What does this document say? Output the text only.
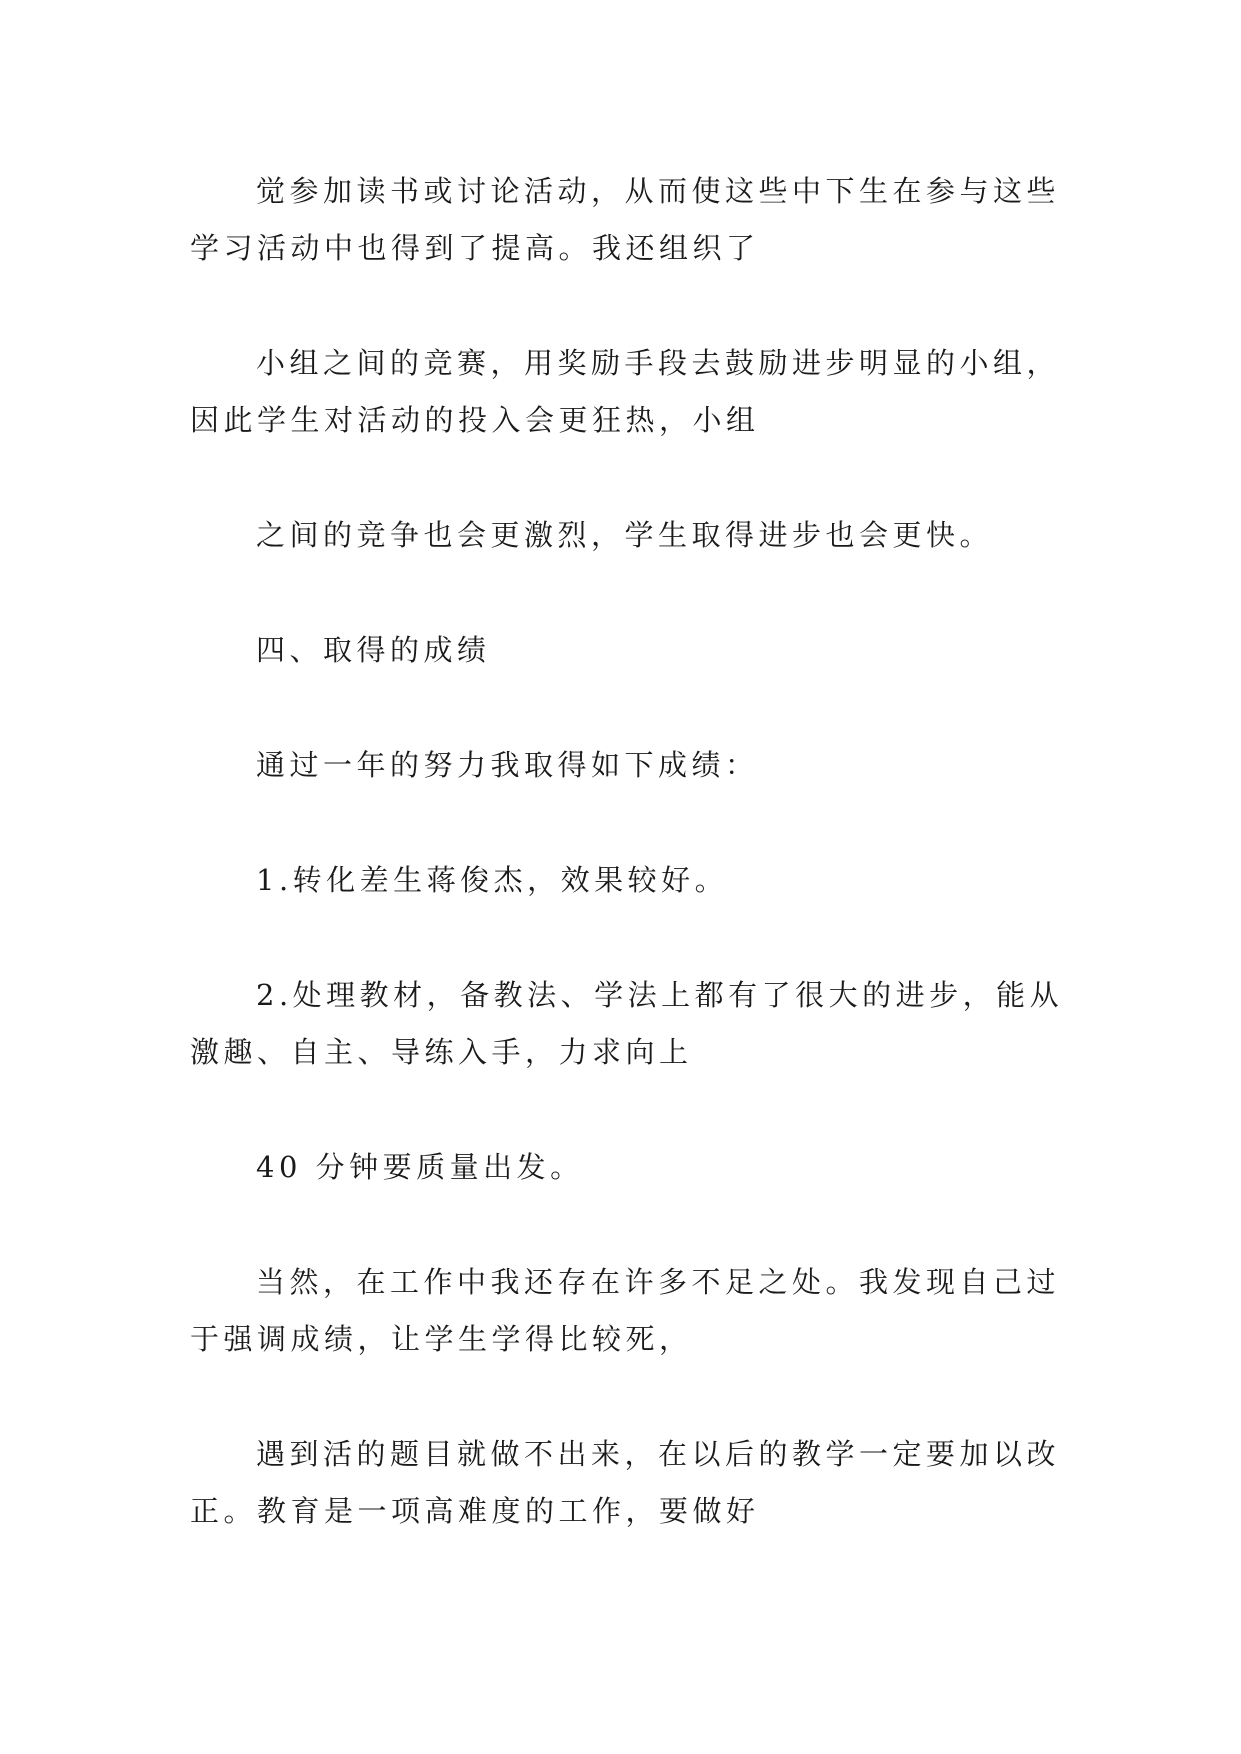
觉参加读书或讨论活动，从而使这些中下生在参与这些
学习活动中也得到了提高。我还组织了

小组之间的竞赛，用奖励手段去鼓励进步明显的小组，
因此学生对活动的投入会更狂热，小组

之间的竞争也会更激烈，学生取得进步也会更快。

四、取得的成绩

通过一年的努力我取得如下成绩：

1.转化差生蒋俊杰，效果较好。

2.处理教材，备教法、学法上都有了很大的进步，能从
激趣、自主、导练入手，力求向上

40 分钟要质量出发。

当然，在工作中我还存在许多不足之处。我发现自己过
于强调成绩，让学生学得比较死，

遇到活的题目就做不出来，在以后的教学一定要加以改
正。教育是一项高难度的工作，要做好
